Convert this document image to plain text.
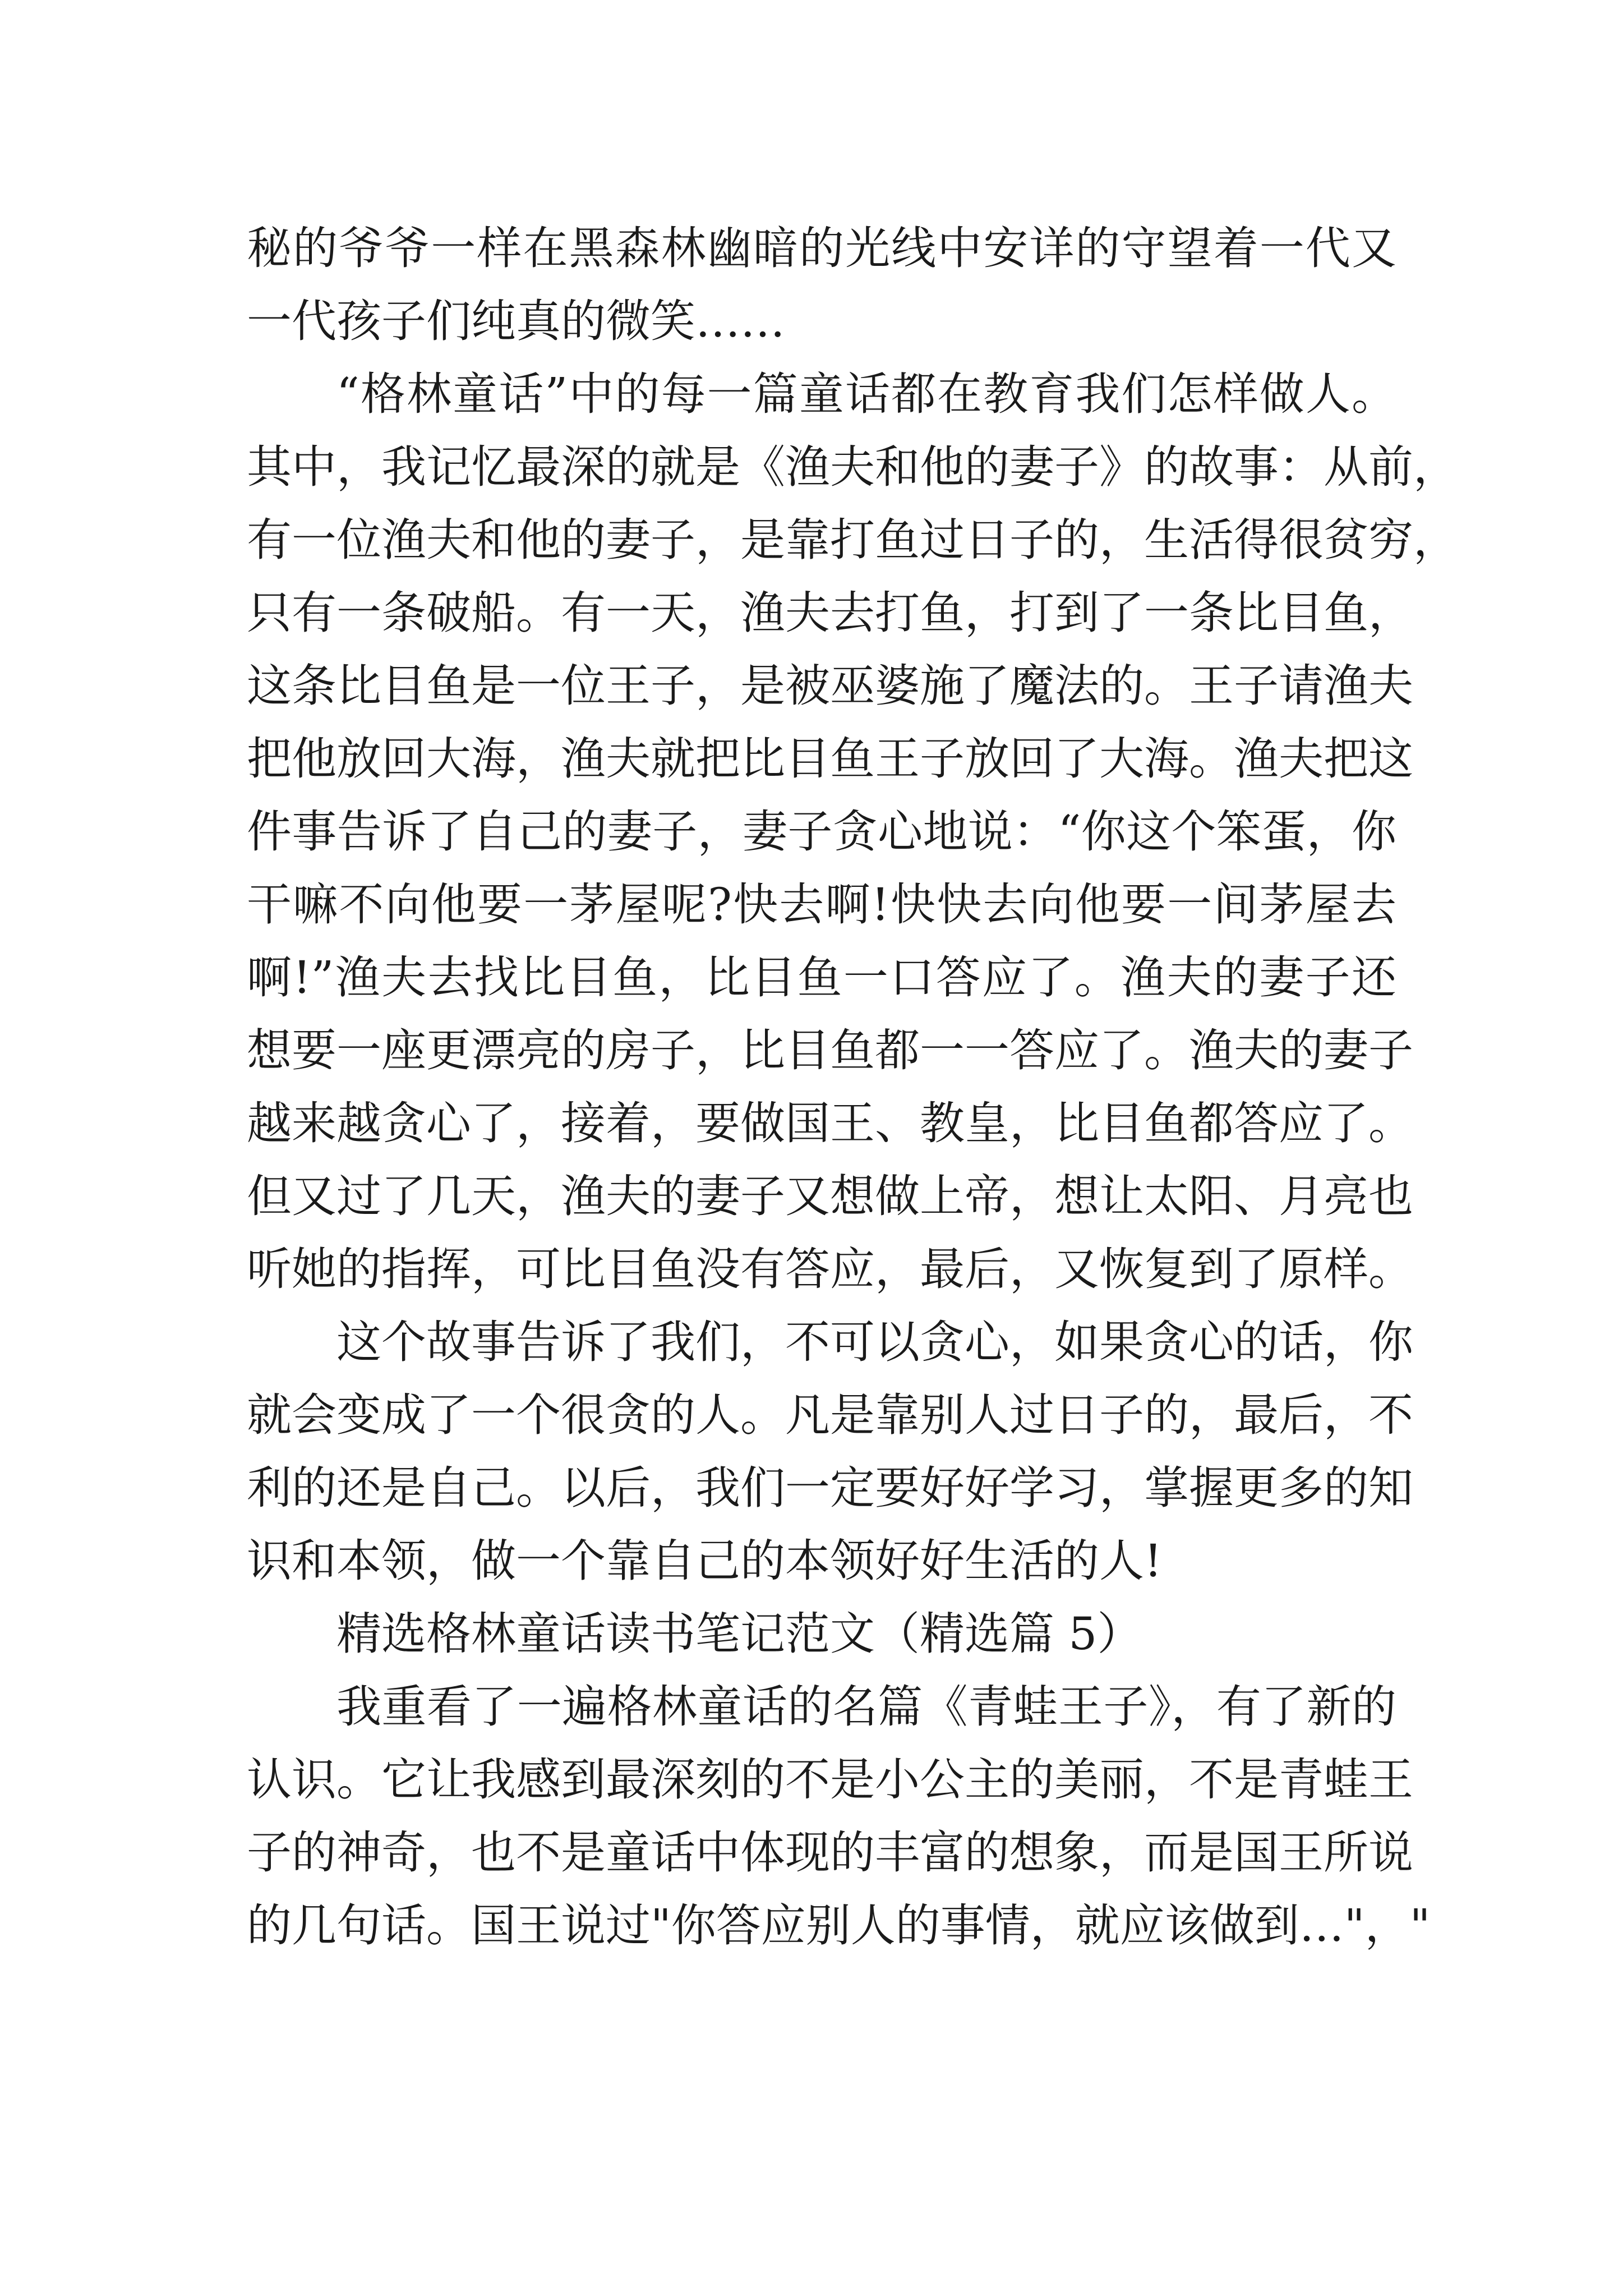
秘的爷爷一样在黑森林幽暗的光线中安详的守望着一代又
一代孩子们纯真的微笑……
“格林童话”中的每一篇童话都在教育我们怎样做人。
其中，我记忆最深的就是《渔夫和他的妻子》的故事：从前，
有一位渔夫和他的妻子，是靠打鱼过日子的，生活得很贫穷，
只有一条破船。有一天，渔夫去打鱼，打到了一条比目鱼，
这条比目鱼是一位王子，是被巫婆施了魔法的。王子请渔夫
把他放回大海，渔夫就把比目鱼王子放回了大海。渔夫把这
件事告诉了自己的妻子，妻子贪心地说：“你这个笨蛋，你
干嘛不向他要一茅屋呢?快去啊!快快去向他要一间茅屋去
啊!”渔夫去找比目鱼，比目鱼一口答应了。渔夫的妻子还
想要一座更漂亮的房子，比目鱼都一一答应了。渔夫的妻子
越来越贪心了，接着，要做国王、教皇，比目鱼都答应了。
但又过了几天，渔夫的妻子又想做上帝，想让太阳、月亮也
听她的指挥，可比目鱼没有答应，最后，又恢复到了原样。
这个故事告诉了我们，不可以贪心，如果贪心的话，你
就会变成了一个很贪的人。凡是靠别人过日子的，最后，不
利的还是自己。以后，我们一定要好好学习，掌握更多的知
识和本领，做一个靠自己的本领好好生活的人!
精选格林童话读书笔记范文（精选篇 5）
我重看了一遍格林童话的名篇《青蛙王子》，有了新的
认识。它让我感到最深刻的不是小公主的美丽，不是青蛙王
子的神奇，也不是童话中体现的丰富的想象，而是国王所说
的几句话。国王说过"你答应别人的事情，就应该做到…"，"
